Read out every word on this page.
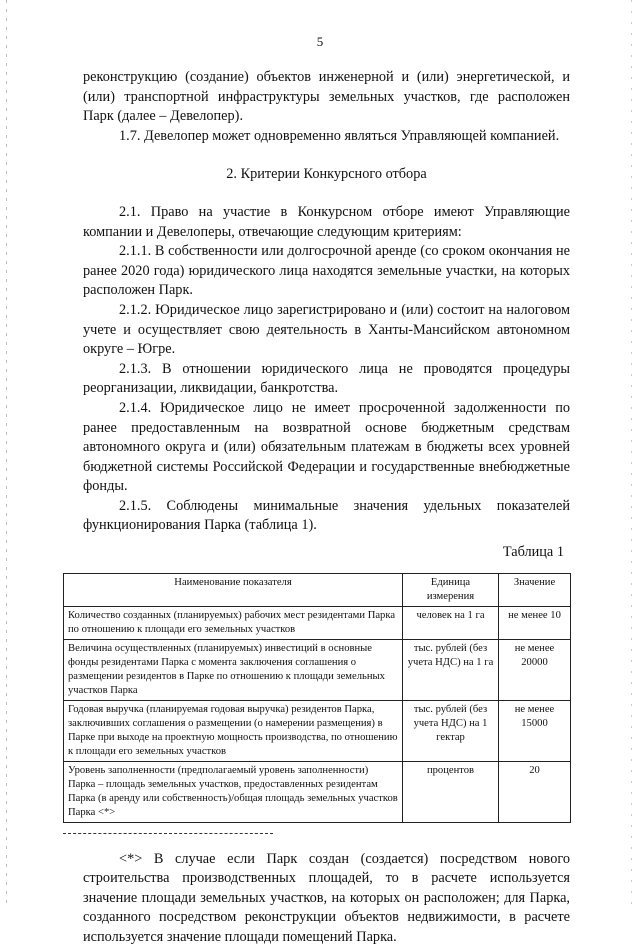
5

реконструкцию (создание) объектов инженерной и (или) энергетической, и (или) транспортной инфраструктуры земельных участков, где расположен Парк (далее – Девелопер).

1.7. Девелопер может одновременно являться Управляющей компанией.

2. Критерии Конкурсного отбора

2.1. Право на участие в Конкурсном отборе имеют Управляющие компании и Девелоперы, отвечающие следующим критериям:

2.1.1. В собственности или долгосрочной аренде (со сроком окончания не ранее 2020 года) юридического лица находятся земельные участки, на которых расположен Парк.

2.1.2. Юридическое лицо зарегистрировано и (или) состоит на налоговом учете и осуществляет свою деятельность в Ханты-Мансийском автономном округе – Югре.

2.1.3. В отношении юридического лица не проводятся процедуры реорганизации, ликвидации, банкротства.

2.1.4. Юридическое лицо не имеет просроченной задолженности по ранее предоставленным на возвратной основе бюджетным средствам автономного округа и (или) обязательным платежам в бюджеты всех уровней бюджетной системы Российской Федерации и государственные внебюджетные фонды.

2.1.5. Соблюдены минимальные значения удельных показателей функционирования Парка (таблица 1).

Таблица 1

Наименование показателя	Единица измерения	Значение
Количество созданных (планируемых) рабочих мест резидентами Парка по отношению к площади его земельных участков	человек на 1 га	не менее 10
Величина осуществленных (планируемых) инвестиций в основные фонды резидентами Парка с момента заключения соглашения о размещении резидентов в Парке по отношению к площади земельных участков Парка	тыс. рублей (без учета НДС) на 1 га	не менее 20000
Годовая выручка (планируемая годовая выручка) резидентов Парка, заключивших соглашения о размещении (о намерении размещения) в Парке при выходе на проектную мощность производства, по отношению к площади его земельных участков	тыс. рублей (без учета НДС) на 1 гектар	не менее 15000
Уровень заполненности (предполагаемый уровень заполненности) Парка – площадь земельных участков, предоставленных резидентам Парка (в аренду или собственность)/общая площадь земельных участков Парка <*>	процентов	20

<*> В случае если Парк создан (создается) посредством нового строительства производственных площадей, то в расчете используется значение площади земельных участков, на которых он расположен; для Парка, созданного посредством реконструкции объектов недвижимости, в расчете используется значение площади помещений Парка.
